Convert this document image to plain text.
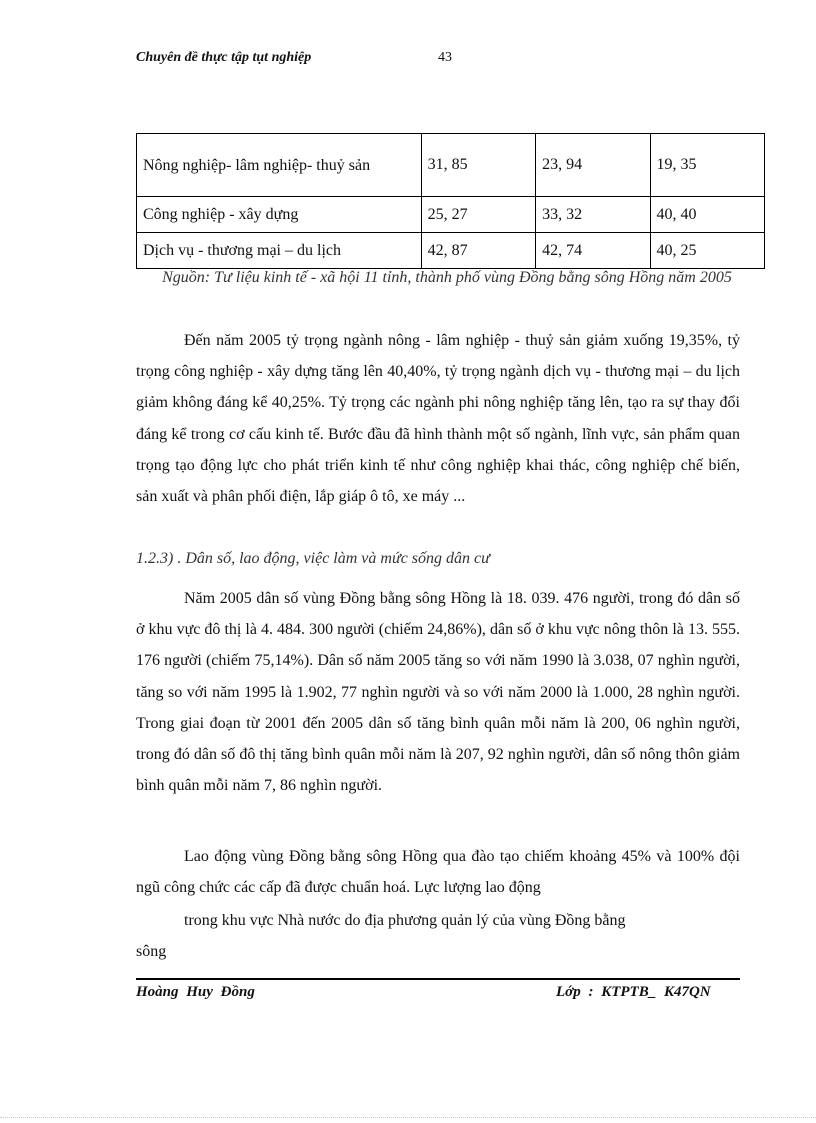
Chuyên đề thực tập tụt nghiệp	43
Nông nghiệp- lâm nghiệp- thuỷ sản	31, 85	23, 94	19, 35
Công nghiệp - xây dựng	25, 27	33, 32	40, 40
Dịch vụ - thương mại – du lịch	42, 87	42, 74	40, 25
Nguồn: Tư liệu kinh tế - xã hội 11 tỉnh, thành phố vùng Đồng bằng sông Hồng năm 2005
Đến năm 2005 tỷ trọng ngành nông - lâm nghiệp - thuỷ sản giảm xuống 19,35%, tỷ trọng công nghiệp - xây dựng tăng lên 40,40%, tỷ trọng ngành dịch vụ - thương mại – du lịch giảm không đáng kể 40,25%. Tỷ trọng các ngành phi nông nghiệp tăng lên, tạo ra sự thay đổi đáng kể trong cơ cấu kinh tế. Bước đầu đã hình thành một số ngành, lĩnh vực, sản phẩm quan trọng tạo động lực cho phát triển kinh tế như công nghiệp khai thác, công nghiệp chế biến, sản xuất và phân phối điện, lắp giáp ô tô, xe máy ...
1.2.3) . Dân số, lao động, việc làm và mức sống dân cư
Năm 2005 dân số vùng Đồng bằng sông Hồng là 18. 039. 476 người, trong đó dân số ở khu vực đô thị là 4. 484. 300 người (chiếm 24,86%), dân số ở khu vực nông thôn là 13. 555. 176 người (chiếm 75,14%). Dân số năm 2005 tăng so với năm 1990 là 3.038, 07 nghìn người, tăng so với năm 1995 là 1.902, 77 nghìn người và so với năm 2000 là 1.000, 28 nghìn người. Trong giai đoạn từ 2001 đến 2005 dân số tăng bình quân mỗi năm là 200, 06 nghìn người, trong đó dân số đô thị tăng bình quân mỗi năm là 207, 92 nghìn người, dân số nông thôn giảm bình quân mỗi năm 7, 86 nghìn người.
Lao động vùng Đồng bằng sông Hồng qua đào tạo chiếm khoảng 45% và 100% đội ngũ công chức các cấp đã được chuẩn hoá. Lực lượng lao động
trong khu vực Nhà nước do địa phương quản lý của vùng Đồng bằng
sông
Hoàng Huy Đồng	Lớp : KTPTB_ K47QN
